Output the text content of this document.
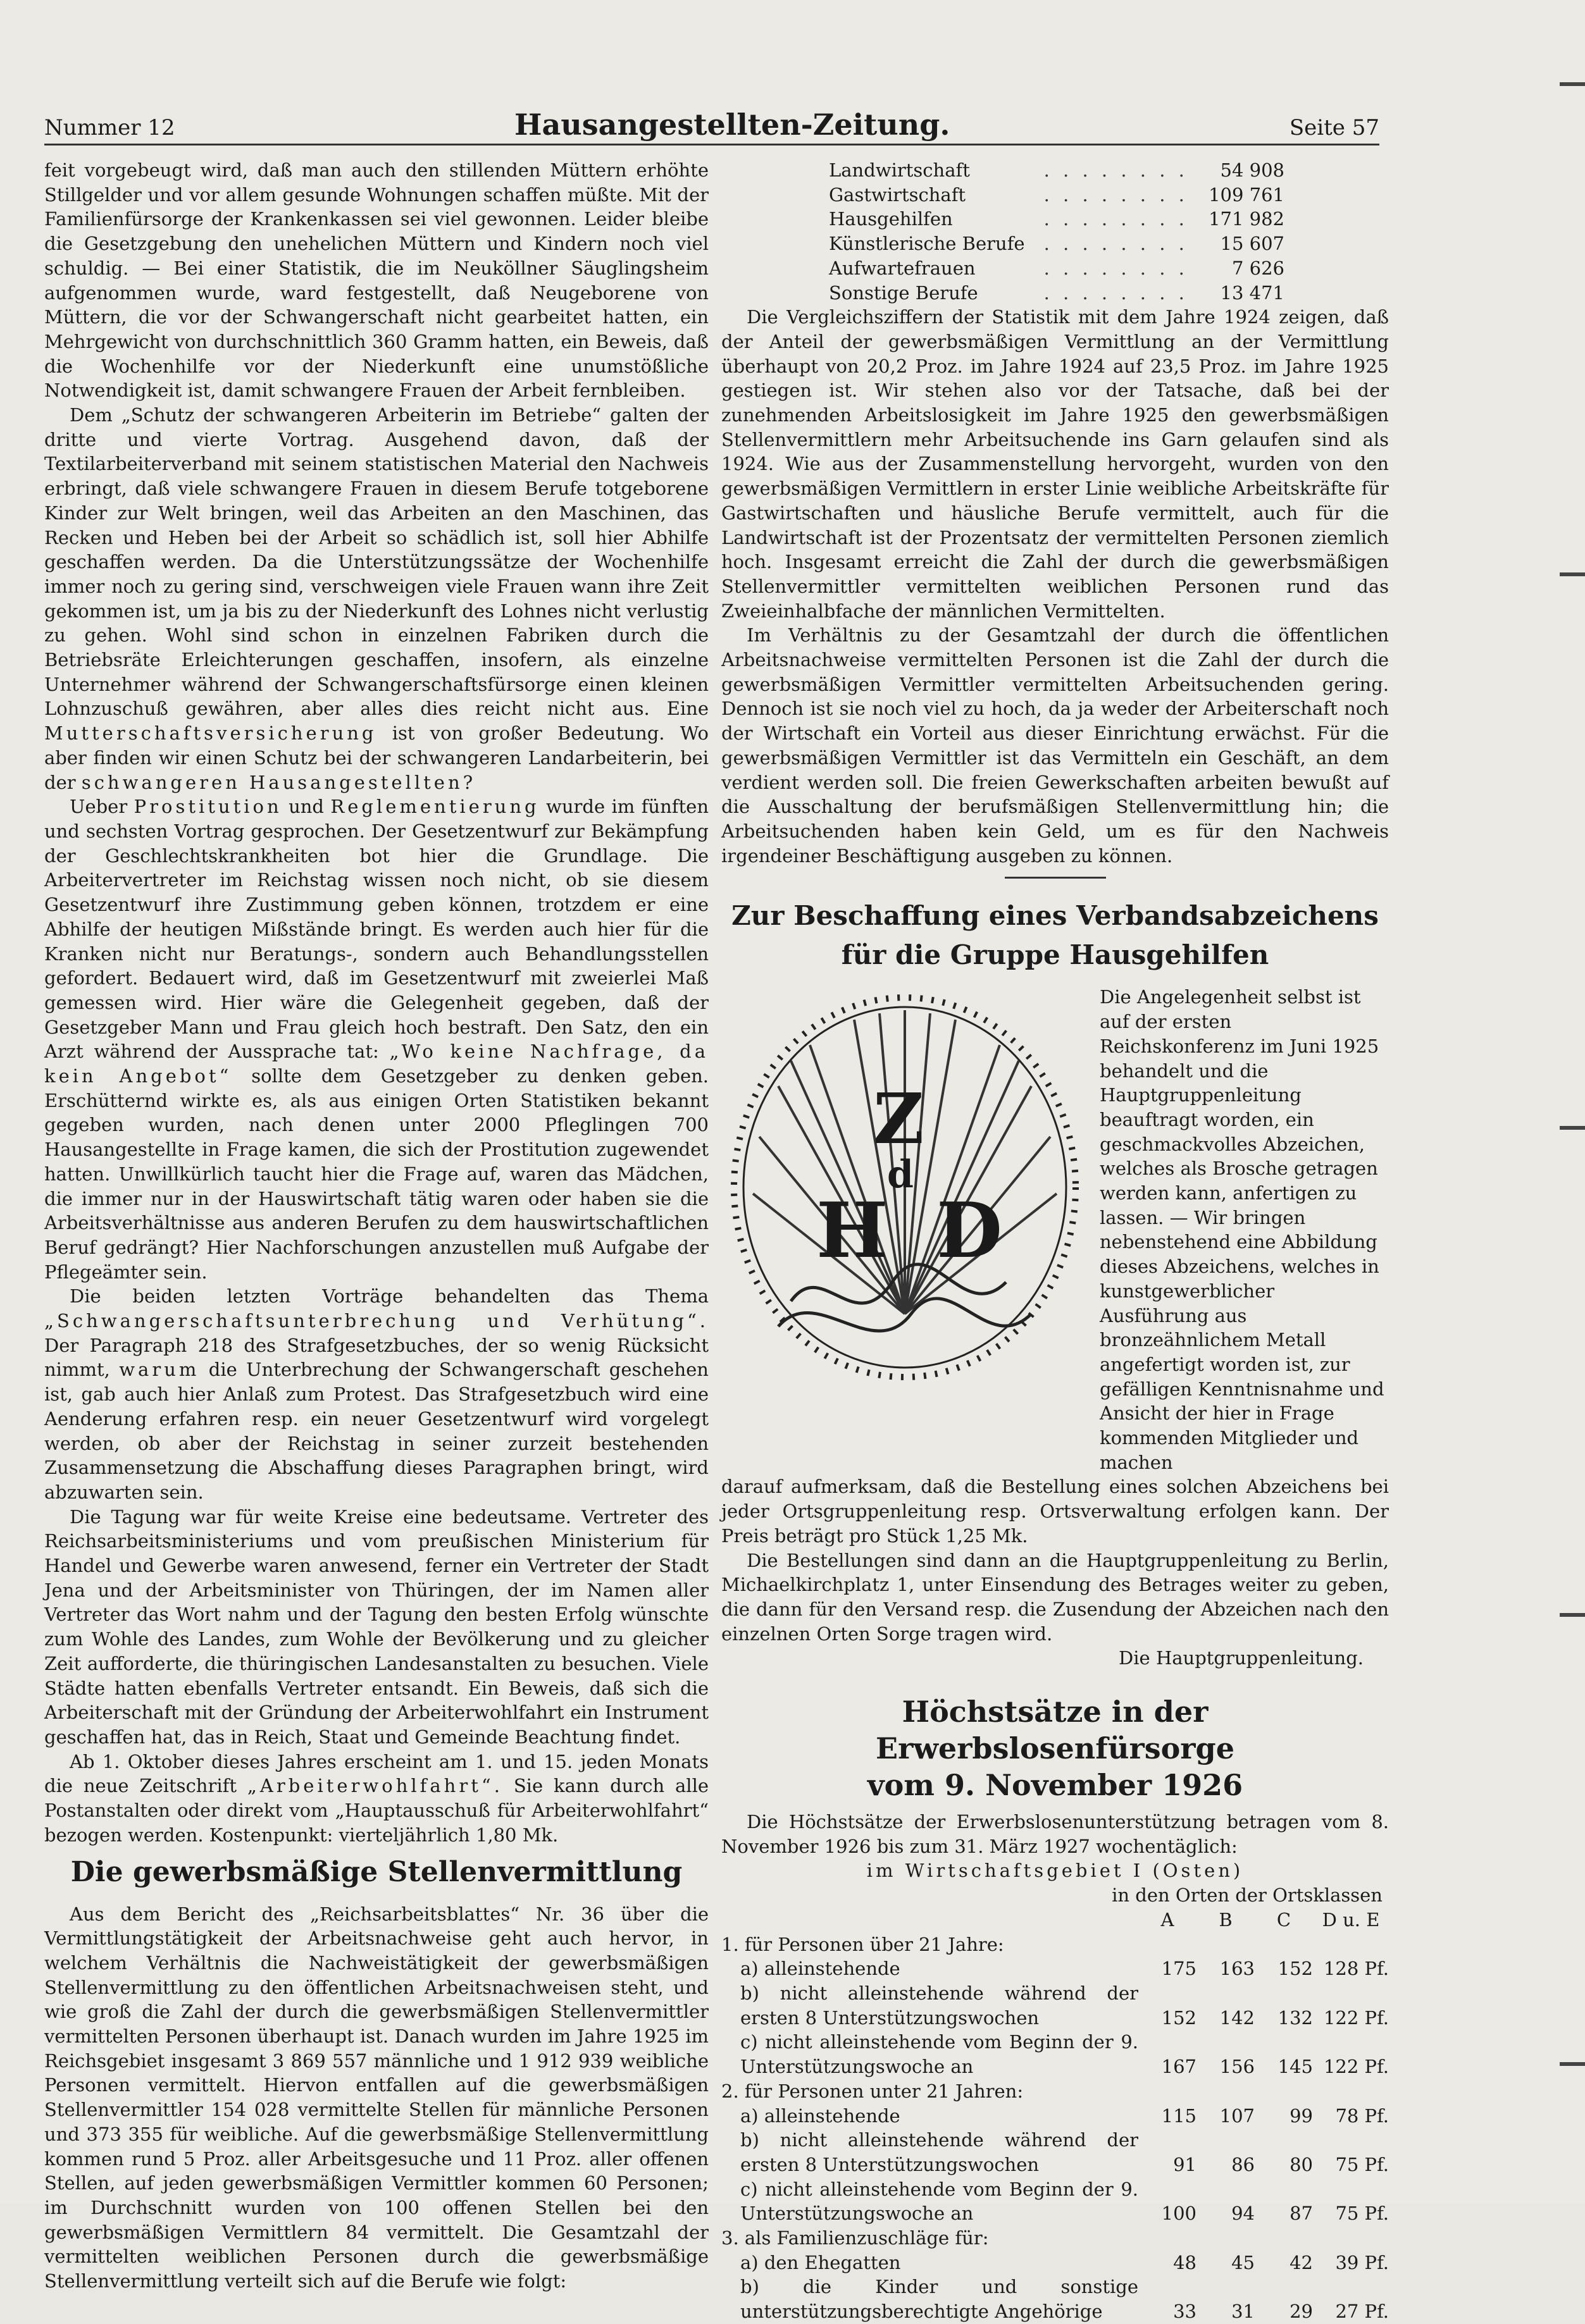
Nummer 12	Hausangestellten-Zeitung.	Seite 57

feit vorgebeugt wird, daß man auch den stillenden Müttern erhöhte Stillgelder und vor allem gesunde Wohnungen schaffen müßte. Mit der Familienfürsorge der Krankenkassen sei viel gewonnen. Leider bleibe die Gesetzgebung den unehelichen Müttern und Kindern noch viel schuldig. — Bei einer Statistik, die im Neuköllner Säuglingsheim aufgenommen wurde, ward festgestellt, daß Neugeborene von Müttern, die vor der Schwangerschaft nicht gearbeitet hatten, ein Mehrgewicht von durchschnittlich 360 Gramm hatten, ein Beweis, daß die Wochenhilfe vor der Niederkunft eine unumstößliche Notwendigkeit ist, damit schwangere Frauen der Arbeit fernbleiben.

Dem „Schutz der schwangeren Arbeiterin im Betriebe“ galten der dritte und vierte Vortrag. Ausgehend davon, daß der Textilarbeiterverband mit seinem statistischen Material den Nachweis erbringt, daß viele schwangere Frauen in diesem Berufe totgeborene Kinder zur Welt bringen, weil das Arbeiten an den Maschinen, das Recken und Heben bei der Arbeit so schädlich ist, soll hier Abhilfe geschaffen werden. Da die Unterstützungssätze der Wochenhilfe immer noch zu gering sind, verschweigen viele Frauen wann ihre Zeit gekommen ist, um ja bis zu der Niederkunft des Lohnes nicht verlustig zu gehen. Wohl sind schon in einzelnen Fabriken durch die Betriebsräte Erleichterungen geschaffen, insofern, als einzelne Unternehmer während der Schwangerschaftsfürsorge einen kleinen Lohnzuschuß gewähren, aber alles dies reicht nicht aus. Eine Mutterschaftsversicherung ist von großer Bedeutung. Wo aber finden wir einen Schutz bei der schwangeren Landarbeiterin, bei der schwangeren Hausangestellten?

Ueber Prostitution und Reglementierung wurde im fünften und sechsten Vortrag gesprochen. Der Gesetzentwurf zur Bekämpfung der Geschlechtskrankheiten bot hier die Grundlage. Die Arbeitervertreter im Reichstag wissen noch nicht, ob sie diesem Gesetzentwurf ihre Zustimmung geben können, trotzdem er eine Abhilfe der heutigen Mißstände bringt. Es werden auch hier für die Kranken nicht nur Beratungs-, sondern auch Behandlungsstellen gefordert. Bedauert wird, daß im Gesetzentwurf mit zweierlei Maß gemessen wird. Hier wäre die Gelegenheit gegeben, daß der Gesetzgeber Mann und Frau gleich hoch bestraft. Den Satz, den ein Arzt während der Aussprache tat: „Wo keine Nachfrage, da kein Angebot“ sollte dem Gesetzgeber zu denken geben. Erschütternd wirkte es, als aus einigen Orten Statistiken bekannt gegeben wurden, nach denen unter 2000 Pfleglingen 700 Hausangestellte in Frage kamen, die sich der Prostitution zugewendet hatten. Unwillkürlich taucht hier die Frage auf, waren das Mädchen, die immer nur in der Hauswirtschaft tätig waren oder haben sie die Arbeitsverhältnisse aus anderen Berufen zu dem hauswirtschaftlichen Beruf gedrängt? Hier Nachforschungen anzustellen muß Aufgabe der Pflegeämter sein.

Die beiden letzten Vorträge behandelten das Thema „Schwangerschaftsunterbrechung und Verhütung“. Der Paragraph 218 des Strafgesetzbuches, der so wenig Rücksicht nimmt, warum die Unterbrechung der Schwangerschaft geschehen ist, gab auch hier Anlaß zum Protest. Das Strafgesetzbuch wird eine Aenderung erfahren resp. ein neuer Gesetzentwurf wird vorgelegt werden, ob aber der Reichstag in seiner zurzeit bestehenden Zusammensetzung die Abschaffung dieses Paragraphen bringt, wird abzuwarten sein.

Die Tagung war für weite Kreise eine bedeutsame. Vertreter des Reichsarbeitsministeriums und vom preußischen Ministerium für Handel und Gewerbe waren anwesend, ferner ein Vertreter der Stadt Jena und der Arbeitsminister von Thüringen, der im Namen aller Vertreter das Wort nahm und der Tagung den besten Erfolg wünschte zum Wohle des Landes, zum Wohle der Bevölkerung und zu gleicher Zeit aufforderte, die thüringischen Landesanstalten zu besuchen. Viele Städte hatten ebenfalls Vertreter entsandt. Ein Beweis, daß sich die Arbeiterschaft mit der Gründung der Arbeiterwohlfahrt ein Instrument geschaffen hat, das in Reich, Staat und Gemeinde Beachtung findet.

Ab 1. Oktober dieses Jahres erscheint am 1. und 15. jeden Monats die neue Zeitschrift „Arbeiterwohlfahrt“. Sie kann durch alle Postanstalten oder direkt vom „Hauptausschuß für Arbeiterwohlfahrt“ bezogen werden. Kostenpunkt: vierteljährlich 1,80 Mk.

Die gewerbsmäßige Stellenvermittlung

Aus dem Bericht des „Reichsarbeitsblattes“ Nr. 36 über die Vermittlungstätigkeit der Arbeitsnachweise geht auch hervor, in welchem Verhältnis die Nachweistätigkeit der gewerbsmäßigen Stellenvermittlung zu den öffentlichen Arbeitsnachweisen steht, und wie groß die Zahl der durch die gewerbsmäßigen Stellenvermittler vermittelten Personen überhaupt ist. Danach wurden im Jahre 1925 im Reichsgebiet insgesamt 3 869 557 männliche und 1 912 939 weibliche Personen vermittelt. Hiervon entfallen auf die gewerbsmäßigen Stellenvermittler 154 028 vermittelte Stellen für männliche Personen und 373 355 für weibliche. Auf die gewerbsmäßige Stellenvermittlung kommen rund 5 Proz. aller Arbeitsgesuche und 11 Proz. aller offenen Stellen, auf jeden gewerbsmäßigen Vermittler kommen 60 Personen; im Durchschnitt wurden von 100 offenen Stellen bei den gewerbsmäßigen Vermittlern 84 vermittelt. Die Gesamtzahl der vermittelten weiblichen Personen durch die gewerbsmäßige Stellenvermittlung verteilt sich auf die Berufe wie folgt:

Landwirtschaft	. . . . . . . .	54 908
Gastwirtschaft	. . . . . . . .	109 761
Hausgehilfen	. . . . . . . .	171 982
Künstlerische Berufe	. . . . . . . .	15 607
Aufwartefrauen	. . . . . . . .	7 626
Sonstige Berufe	. . . . . . . .	13 471

Die Vergleichsziffern der Statistik mit dem Jahre 1924 zeigen, daß der Anteil der gewerbsmäßigen Vermittlung an der Vermittlung überhaupt von 20,2 Proz. im Jahre 1924 auf 23,5 Proz. im Jahre 1925 gestiegen ist. Wir stehen also vor der Tatsache, daß bei der zunehmenden Arbeitslosigkeit im Jahre 1925 den gewerbsmäßigen Stellenvermittlern mehr Arbeitsuchende ins Garn gelaufen sind als 1924. Wie aus der Zusammenstellung hervorgeht, wurden von den gewerbsmäßigen Vermittlern in erster Linie weibliche Arbeitskräfte für Gastwirtschaften und häusliche Berufe vermittelt, auch für die Landwirtschaft ist der Prozentsatz der vermittelten Personen ziemlich hoch. Insgesamt erreicht die Zahl der durch die gewerbsmäßigen Stellenvermittler vermittelten weiblichen Personen rund das Zweieinhalbfache der männlichen Vermittelten.

Im Verhältnis zu der Gesamtzahl der durch die öffentlichen Arbeitsnachweise vermittelten Personen ist die Zahl der durch die gewerbsmäßigen Vermittler vermittelten Arbeitsuchenden gering. Dennoch ist sie noch viel zu hoch, da ja weder der Arbeiterschaft noch der Wirtschaft ein Vorteil aus dieser Einrichtung erwächst. Für die gewerbsmäßigen Vermittler ist das Vermitteln ein Geschäft, an dem verdient werden soll. Die freien Gewerkschaften arbeiten bewußt auf die Ausschaltung der berufsmäßigen Stellenvermittlung hin; die Arbeitsuchenden haben kein Geld, um es für den Nachweis irgendeiner Beschäftigung ausgeben zu können.

Zur Beschaffung eines Verbandsabzeichens
für die Gruppe Hausgehilfen
Z
d
H D
Die Angelegenheit selbst ist auf der ersten Reichskonferenz im Juni 1925 behandelt und die Hauptgruppenleitung beauftragt worden, ein geschmackvolles Abzeichen, welches als Brosche getragen werden kann, anfertigen zu lassen. — Wir bringen nebenstehend eine Abbildung dieses Abzeichens, welches in kunstgewerblicher Ausführung aus bronzeähnlichem Metall angefertigt worden ist, zur gefälligen Kenntnisnahme und Ansicht der hier in Frage kommenden Mitglieder und machen

darauf aufmerksam, daß die Bestellung eines solchen Abzeichens bei jeder Ortsgruppenleitung resp. Ortsverwaltung erfolgen kann. Der Preis beträgt pro Stück 1,25 Mk.

Die Bestellungen sind dann an die Hauptgruppenleitung zu Berlin, Michaelkirchplatz 1, unter Einsendung des Betrages weiter zu geben, die dann für den Versand resp. die Zusendung der Abzeichen nach den einzelnen Orten Sorge tragen wird.

Die Hauptgruppenleitung.

Höchstsätze in der Erwerbslosenfürsorge
vom 9. November 1926

Die Höchstsätze der Erwerbslosenunterstützung betragen vom 8. November 1926 bis zum 31. März 1927 wochentäglich:

im Wirtschaftsgebiet I (Osten)

in den Orten der Ortsklassen
	A	B	C	D u. E
1. für Personen über 21 Jahre:				
a) alleinstehende	175	163	152	128 Pf.
b) nicht alleinstehende während der ersten 8 Unterstützungswochen	152	142	132	122 Pf.
c) nicht alleinstehende vom Beginn der 9. Unterstützungswoche an	167	156	145	122 Pf.
2. für Personen unter 21 Jahren:				
a) alleinstehende	115	107	99	78 Pf.
b) nicht alleinstehende während der ersten 8 Unterstützungswochen	91	86	80	75 Pf.
c) nicht alleinstehende vom Beginn der 9. Unterstützungswoche an	100	94	87	75 Pf.
3. als Familienzuschläge für:				
a) den Ehegatten	48	45	42	39 Pf.
b) die Kinder und sonstige unterstützungsberechtigte Angehörige	33	31	29	27 Pf.
